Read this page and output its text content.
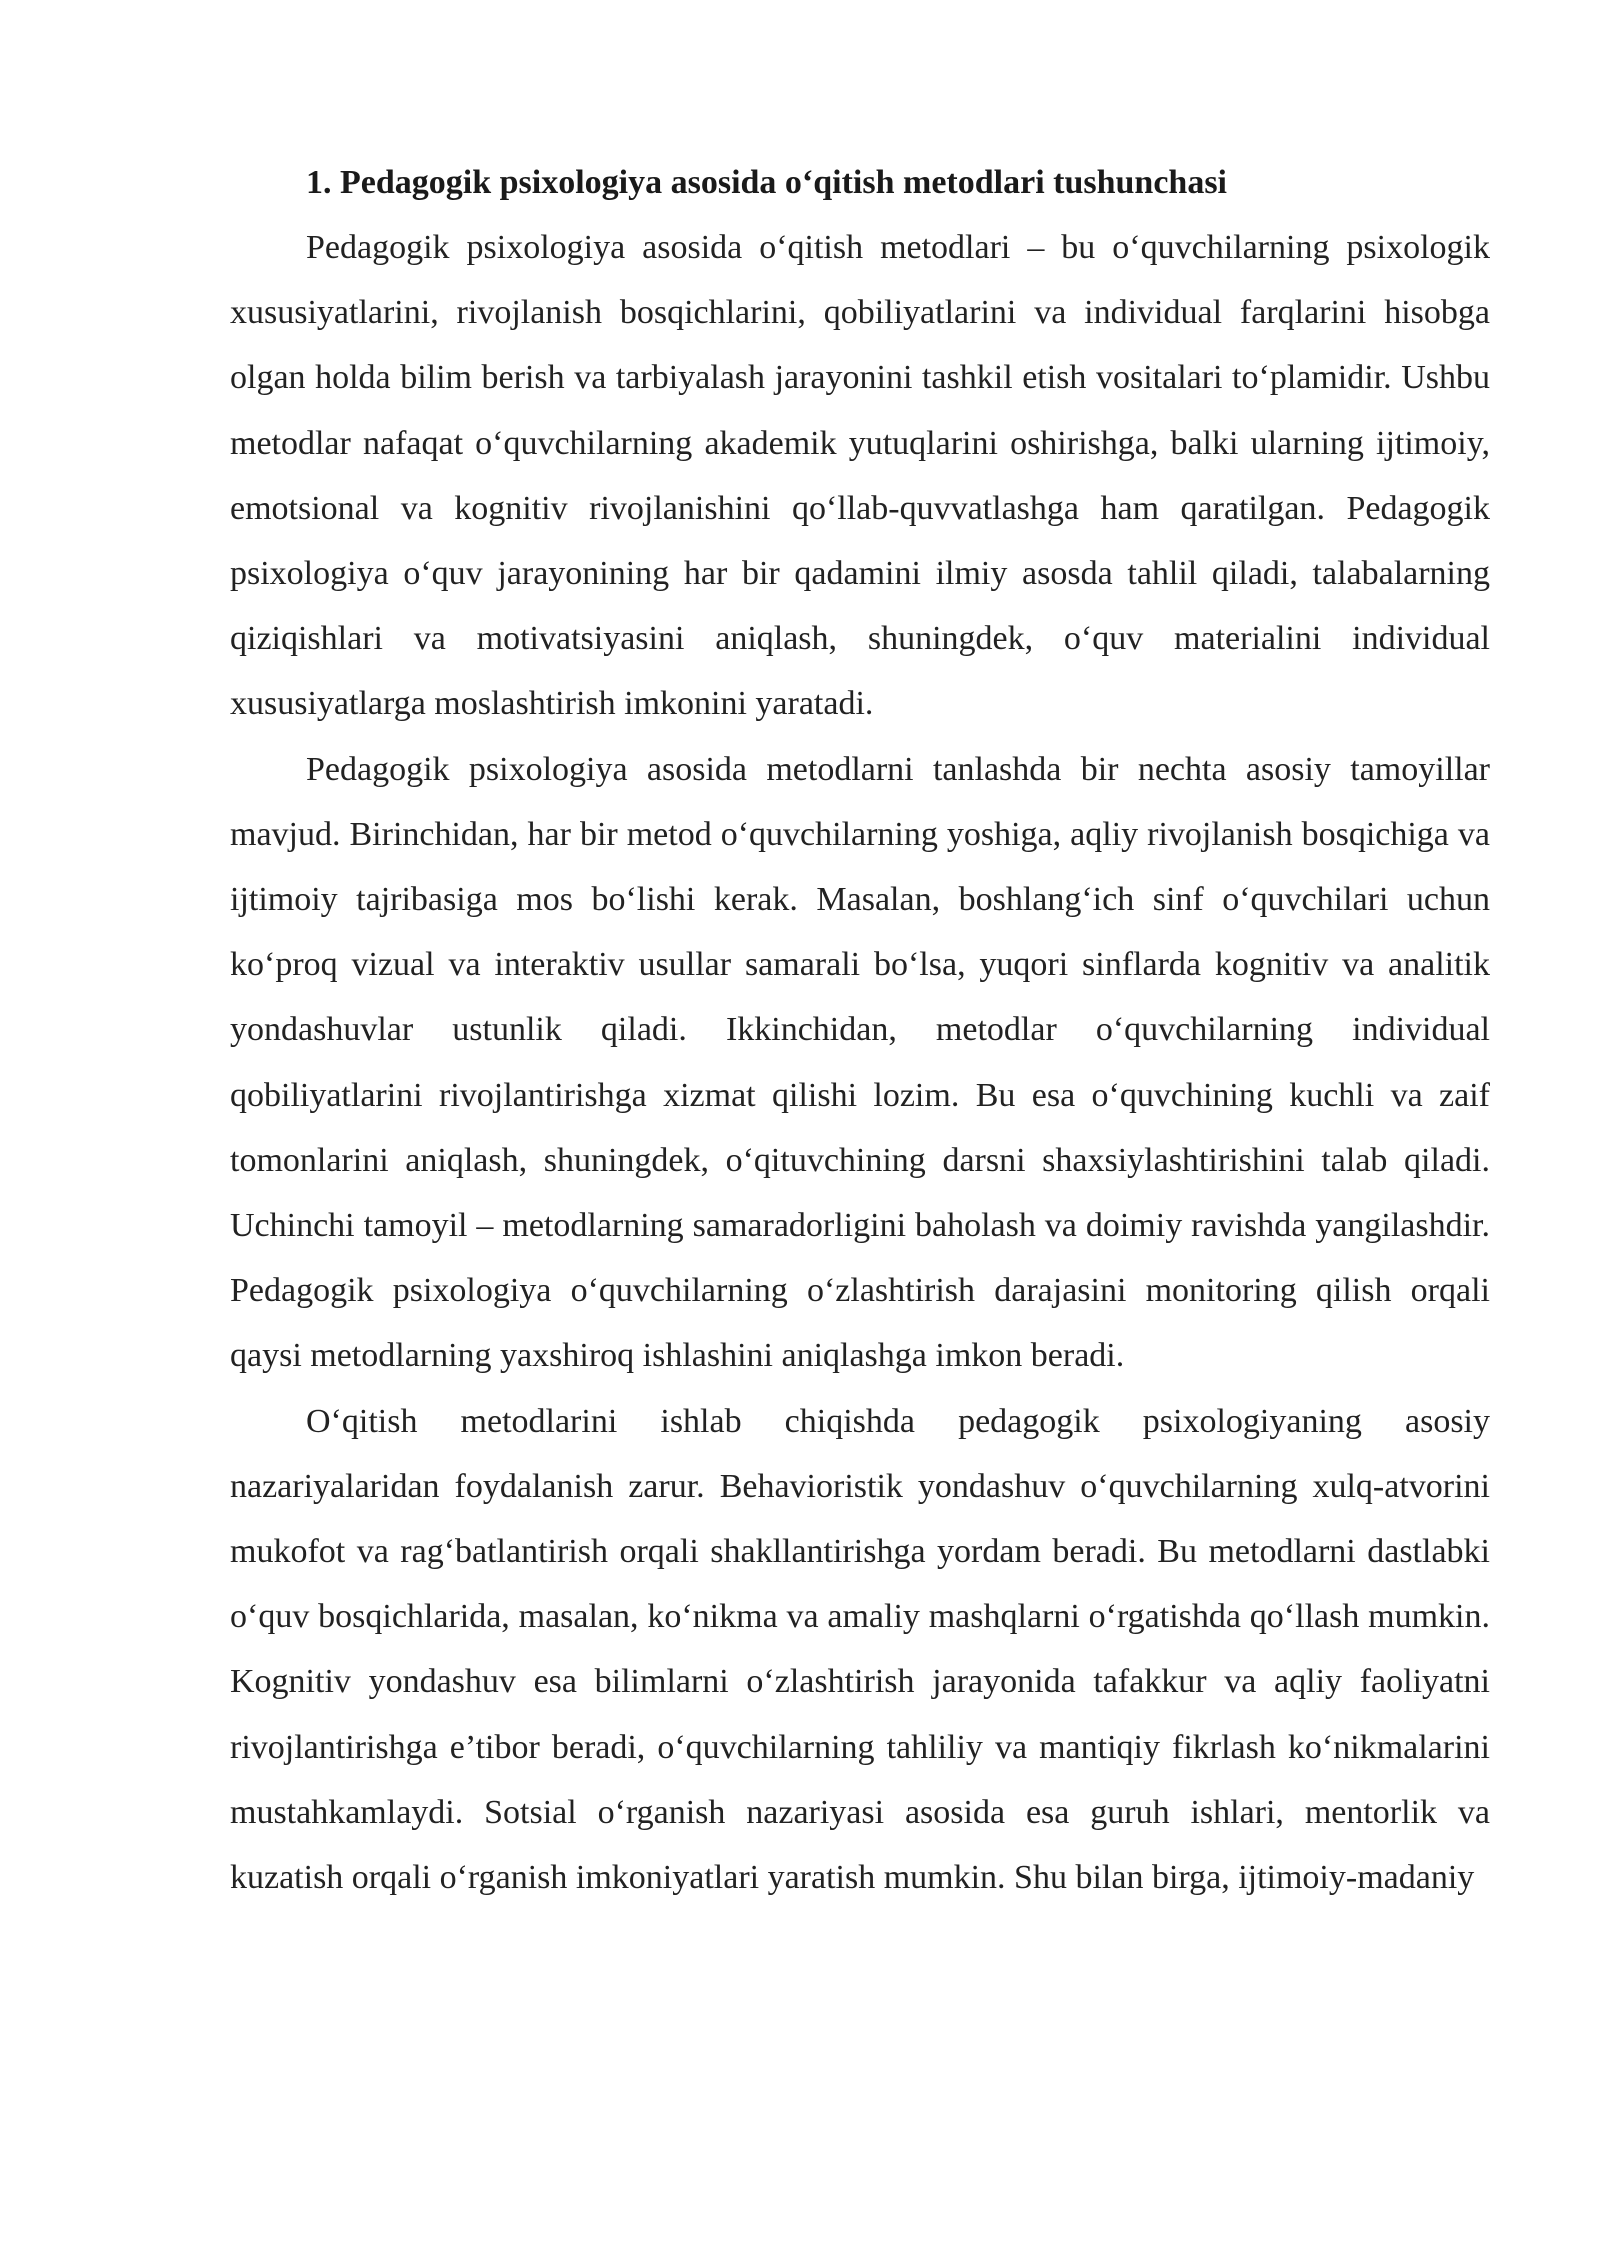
1. Pedagogik psixologiya asosida o‘qitish metodlari tushunchasi

Pedagogik psixologiya asosida o‘qitish metodlari – bu o‘quvchilarning psixologik xususiyatlarini, rivojlanish bosqichlarini, qobiliyatlarini va individual farqlarini hisobga olgan holda bilim berish va tarbiyalash jarayonini tashkil etish vositalari to‘plamidir. Ushbu metodlar nafaqat o‘quvchilarning akademik yutuqlarini oshirishga, balki ularning ijtimoiy, emotsional va kognitiv rivojlanishini qo‘llab-quvvatlashga ham qaratilgan. Pedagogik psixologiya o‘quv jarayonining har bir qadamini ilmiy asosda tahlil qiladi, talabalarning qiziqishlari va motivatsiyasini aniqlash, shuningdek, o‘quv materialini individual xususiyatlarga moslashtirish imkonini yaratadi.

Pedagogik psixologiya asosida metodlarni tanlashda bir nechta asosiy tamoyillar mavjud. Birinchidan, har bir metod o‘quvchilarning yoshiga, aqliy rivojlanish bosqichiga va ijtimoiy tajribasiga mos bo‘lishi kerak. Masalan, boshlang‘ich sinf o‘quvchilari uchun ko‘proq vizual va interaktiv usullar samarali bo‘lsa, yuqori sinflarda kognitiv va analitik yondashuvlar ustunlik qiladi. Ikkinchidan, metodlar o‘quvchilarning individual qobiliyatlarini rivojlantirishga xizmat qilishi lozim. Bu esa o‘quvchining kuchli va zaif tomonlarini aniqlash, shuningdek, o‘qituvchining darsni shaxsiylashtirishini talab qiladi. Uchinchi tamoyil – metodlarning samaradorligini baholash va doimiy ravishda yangilashdir. Pedagogik psixologiya o‘quvchilarning o‘zlashtirish darajasini monitoring qilish orqali qaysi metodlarning yaxshiroq ishlashini aniqlashga imkon beradi.

O‘qitish metodlarini ishlab chiqishda pedagogik psixologiyaning asosiy nazariyalaridan foydalanish zarur. Behavioristik yondashuv o‘quvchilarning xulq-atvorini mukofot va rag‘batlantirish orqali shakllantirishga yordam beradi. Bu metodlarni dastlabki o‘quv bosqichlarida, masalan, ko‘nikma va amaliy mashqlarni o‘rgatishda qo‘llash mumkin. Kognitiv yondashuv esa bilimlarni o‘zlashtirish jarayonida tafakkur va aqliy faoliyatni rivojlantirishga e’tibor beradi, o‘quvchilarning tahliliy va mantiqiy fikrlash ko‘nikmalarini mustahkamlaydi. Sotsial o‘rganish nazariyasi asosida esa guruh ishlari, mentorlik va kuzatish orqali o‘rganish imkoniyatlari yaratish mumkin. Shu bilan birga, ijtimoiy-madaniy
